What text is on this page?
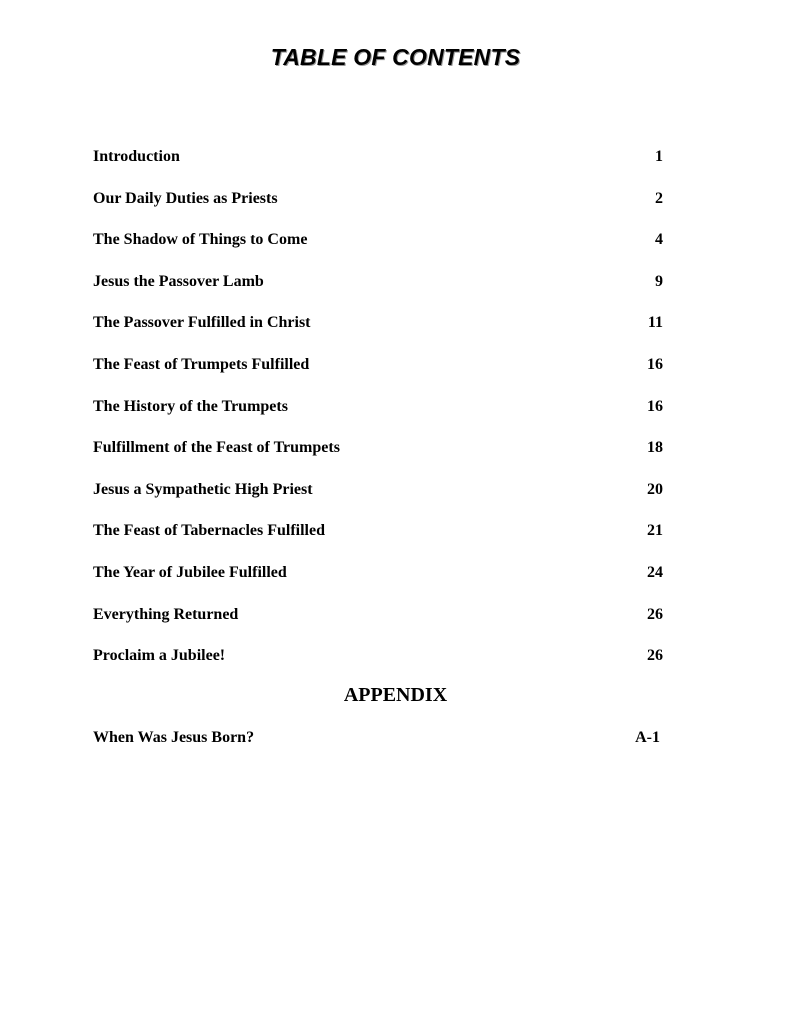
TABLE OF CONTENTS
Introduction	1
Our Daily Duties as Priests	2
The Shadow of Things to Come	4
Jesus the Passover Lamb	9
The Passover Fulfilled in Christ	11
The Feast of Trumpets Fulfilled	16
The History of the Trumpets	16
Fulfillment of the Feast of Trumpets	18
Jesus a Sympathetic High Priest	20
The Feast of Tabernacles Fulfilled	21
The Year of Jubilee Fulfilled	24
Everything Returned	26
Proclaim a Jubilee!	26
APPENDIX
When Was Jesus Born?	A-1
